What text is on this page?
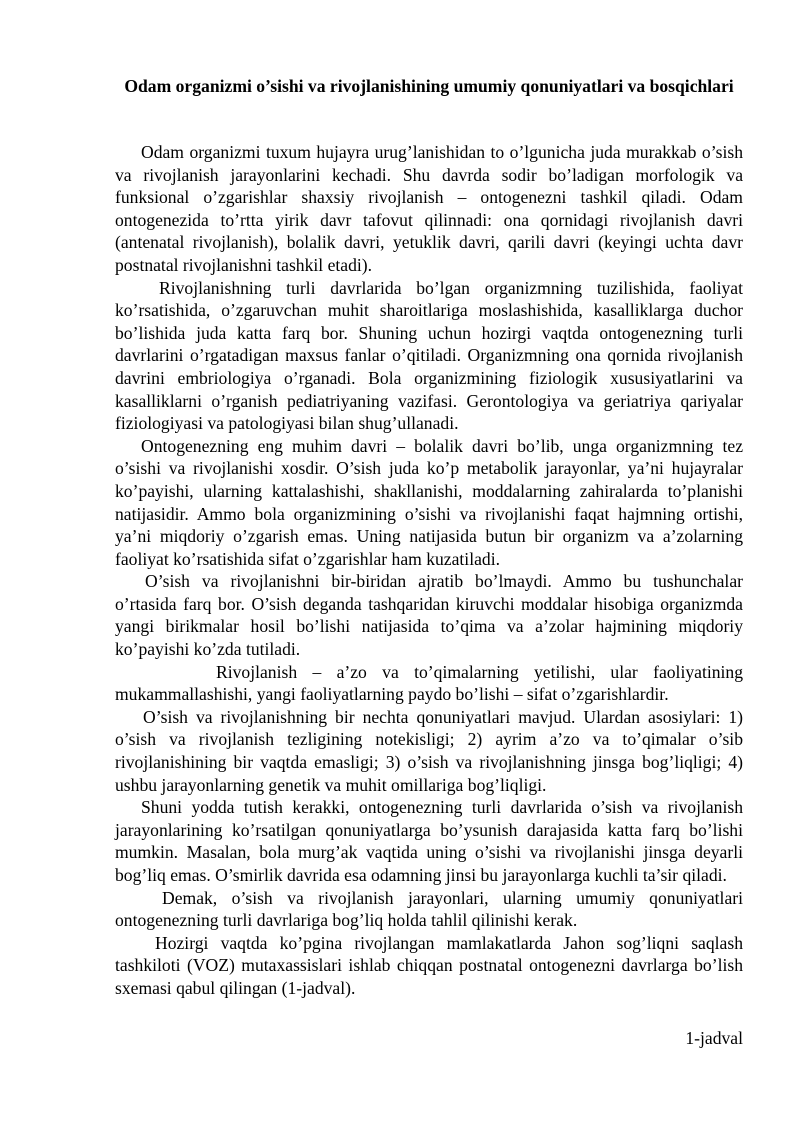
Odam organizmi o’sishi va rivojlanishining umumiy qonuniyatlari va bosqichlari

Odam organizmi tuxum hujayra urug’lanishidan to o’lgunicha juda murakkab o’sish va rivojlanish jarayonlarini kechadi. Shu davrda sodir bo’ladigan morfologik va funksional o’zgarishlar shaxsiy rivojlanish – ontogenezni tashkil qiladi. Odam ontogenezida to’rtta yirik davr tafovut qilinnadi: ona qornidagi rivojlanish davri (antenatal rivojlanish), bolalik davri, yetuklik davri, qarili davri (keyingi uchta davr postnatal rivojlanishni tashkil etadi).

Rivojlanishning turli davrlarida bo’lgan organizmning tuzilishida, faoliyat ko’rsatishida, o’zgaruvchan muhit sharoitlariga moslashishida, kasalliklarga duchor bo’lishida juda katta farq bor. Shuning uchun hozirgi vaqtda ontogenezning turli davrlarini o’rgatadigan maxsus fanlar o’qitiladi. Organizmning ona qornida rivojlanish davrini embriologiya o’rganadi. Bola organizmining fiziologik xususiyatlarini va kasalliklarni o’rganish pediatriyaning vazifasi. Gerontologiya va geriatriya qariyalar fiziologiyasi va patologiyasi bilan shug’ullanadi.

Ontogenezning eng muhim davri – bolalik davri bo’lib, unga organizmning tez o’sishi va rivojlanishi xosdir. O’sish juda ko’p metabolik jarayonlar, ya’ni hujayralar ko’payishi, ularning kattalashishi, shakllanishi, moddalarning zahiralarda to’planishi natijasidir. Ammo bola organizmining o’sishi va rivojlanishi faqat hajmning ortishi, ya’ni miqdoriy o’zgarish emas. Uning natijasida butun bir organizm va a’zolarning faoliyat ko’rsatishida sifat o’zgarishlar ham kuzatiladi.

O’sish va rivojlanishni bir-biridan ajratib bo’lmaydi. Ammo bu tushunchalar o’rtasida farq bor. O’sish deganda tashqaridan kiruvchi moddalar hisobiga organizmda yangi birikmalar hosil bo’lishi natijasida to’qima va a’zolar hajmining miqdoriy ko’payishi ko’zda tutiladi.

Rivojlanish – a’zo va to’qimalarning yetilishi, ular faoliyatining mukammallashishi, yangi faoliyatlarning paydo bo’lishi – sifat o’zgarishlardir.

O’sish va rivojlanishning bir nechta qonuniyatlari mavjud. Ulardan asosiylari: 1) o’sish va rivojlanish tezligining notekisligi; 2) ayrim a’zo va to’qimalar o’sib rivojlanishining bir vaqtda emasligi; 3) o’sish va rivojlanishning jinsga bog’liqligi; 4) ushbu jarayonlarning genetik va muhit omillariga bog’liqligi.

Shuni yodda tutish kerakki, ontogenezning turli davrlarida o’sish va rivojlanish jarayonlarining ko’rsatilgan qonuniyatlarga bo’ysunish darajasida katta farq bo’lishi mumkin. Masalan, bola murg’ak vaqtida uning o’sishi va rivojlanishi jinsga deyarli bog’liq emas. O’smirlik davrida esa odamning jinsi bu jarayonlarga kuchli ta’sir qiladi.

Demak, o’sish va rivojlanish jarayonlari, ularning umumiy qonuniyatlari ontogenezning turli davrlariga bog’liq holda tahlil qilinishi kerak.

Hozirgi vaqtda ko’pgina rivojlangan mamlakatlarda Jahon sog’liqni saqlash tashkiloti (VOZ) mutaxassislari ishlab chiqqan postnatal ontogenezni davrlarga bo’lish sxemasi qabul qilingan (1-jadval).

1-jadval
